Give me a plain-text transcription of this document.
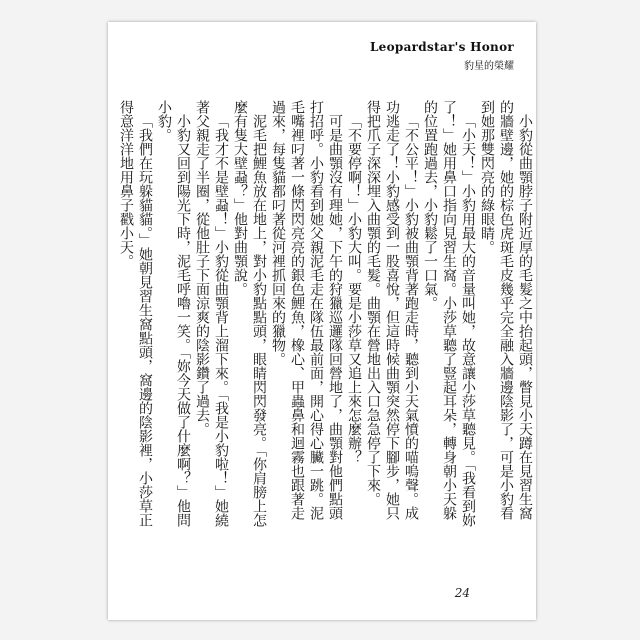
Leopardstar's Honor
豹星的榮耀

小豹從曲顎脖子附近厚的毛髮之中抬起頭，瞥見小天蹲在見習生窩的牆壁邊，她的棕色虎斑毛皮幾乎完全融入牆邊陰影了，可是小豹看到她那雙閃亮的綠眼睛。

「小天！」小豹用最大的音量叫她，故意讓小莎草聽見。「我看到妳了！」她用鼻口指向見習生窩。小莎草聽了豎起耳朵，轉身朝小天躲的位置跑過去，小豹鬆了一口氣。

「不公平！」小豹被曲顎背著跑走時，聽到小天氣憤的喵嗚聲。成功逃走了！小豹感受到一股喜悅，但這時候曲顎突然停下腳步，她只得把爪子深深埋入曲顎的毛髮。曲顎在營地出入口急急停了下來。

「不要停啊！」小豹大叫。要是小莎草又追上來怎麼辦？

可是曲顎沒有理她，下午的狩獵巡邏隊回營地了，曲顎對他們點頭打招呼。小豹看到她父親泥毛走在隊伍最前面，開心得心臟一跳。泥毛嘴裡叼著一條閃閃亮亮的銀色鯉魚，橡心、甲蟲鼻和迴霧也跟著走過來，每隻貓都叼著從河裡抓回來的獵物。

泥毛把鯉魚放在地上，對小豹點點頭，眼睛閃閃發亮。「你肩膀上怎麼有隻大壁蝨？」他對曲顎說。

「我才不是壁蝨！」小豹從曲顎背上溜下來。「我是小豹啦！」她繞著父親走了半圈，從他肚子下面涼爽的陰影鑽了過去。

小豹又回到陽光下時，泥毛呼嚕一笑。「妳今天做了什麼啊？」他問小豹。

「我們在玩躲貓貓。」她朝見習生窩點頭，窩邊的陰影裡，小莎草正得意洋洋地用鼻子戳小天。

24
